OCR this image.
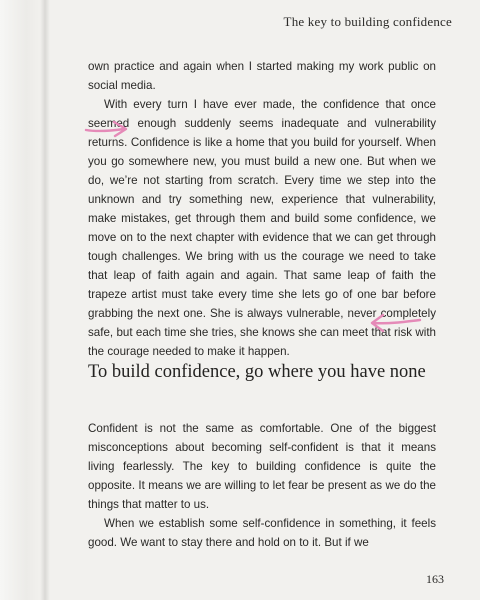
The key to building confidence

own practice and again when I started making my work public on social media.

With every turn I have ever made, the confidence that once seemed enough suddenly seems inadequate and vulnerability returns. Confidence is like a home that you build for yourself. When you go somewhere new, you must build a new one. But when we do, we’re not starting from scratch. Every time we step into the unknown and try something new, experience that vulnerability, make mistakes, get through them and build some confidence, we move on to the next chapter with evidence that we can get through tough challenges. We bring with us the courage we need to take that leap of faith again and again. That same leap of faith the trapeze artist must take every time she lets go of one bar before grabbing the next one. She is always vulnerable, never completely safe, but each time she tries, she knows she can meet that risk with the courage needed to make it happen.

To build confidence, go where you have none

Confident is not the same as comfortable. One of the biggest misconceptions about becoming self-confident is that it means living fearlessly. The key to building confidence is quite the opposite. It means we are willing to let fear be present as we do the things that matter to us.

When we establish some self-confidence in something, it feels good. We want to stay there and hold on to it. But if we

163
